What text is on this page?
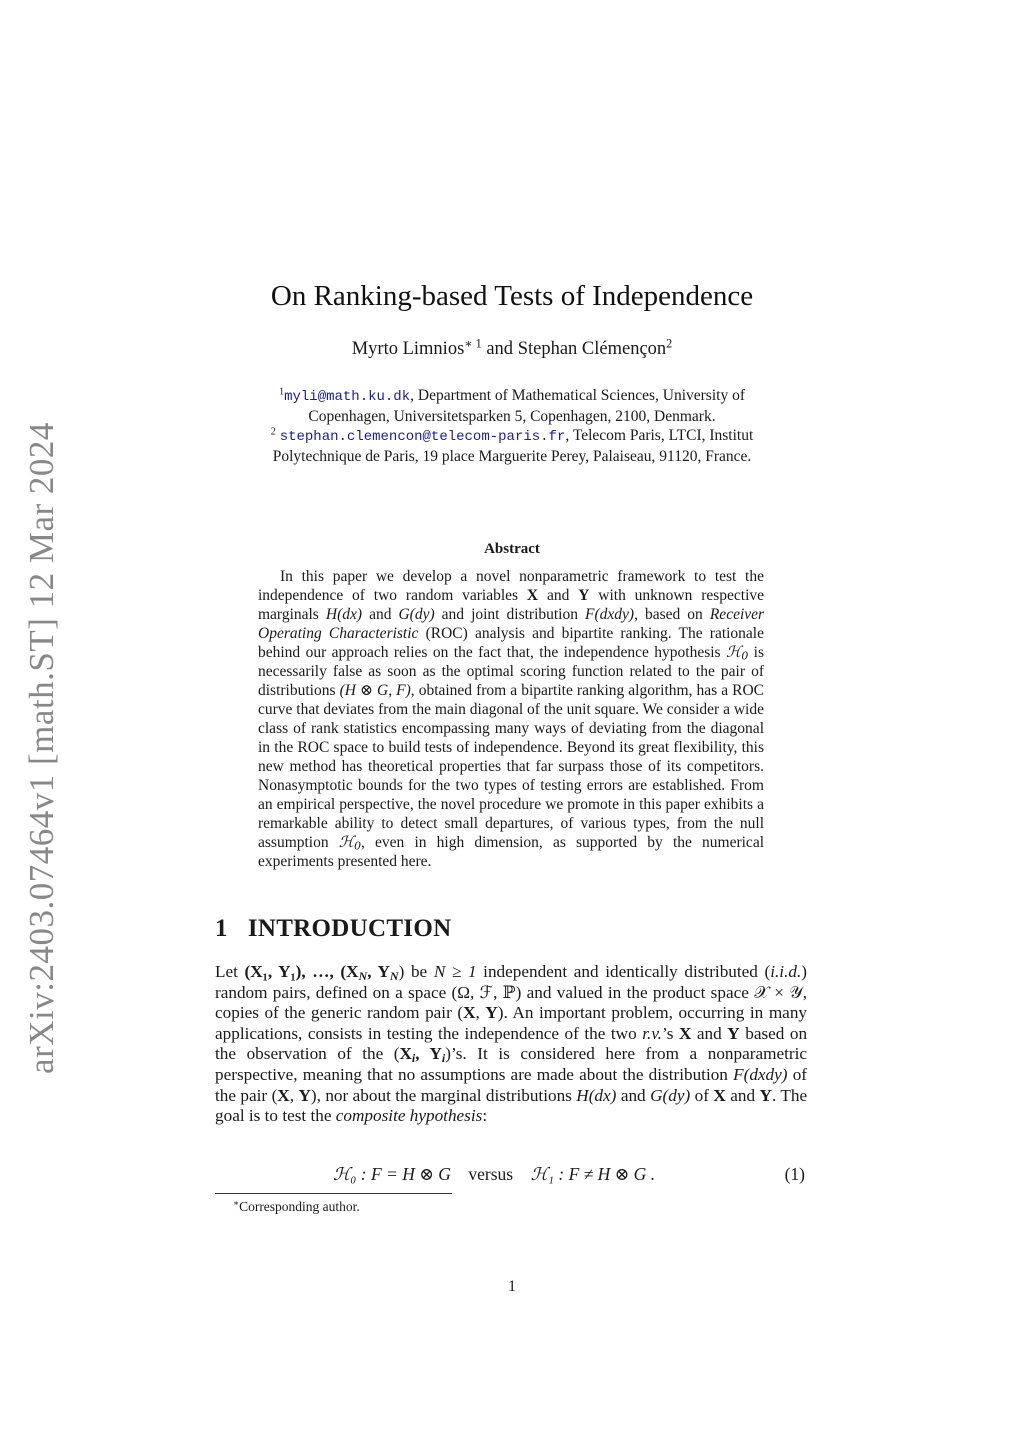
arXiv:2403.07464v1 [math.ST] 12 Mar 2024
On Ranking-based Tests of Independence
Myrto Limnios$^{∗ 1}$ and Stephan Clémençon$^2$
$^1$myli@math.ku.dk, Department of Mathematical Sciences, University of
Copenhagen, Universitetsparken 5, Copenhagen, 2100, Denmark.
$^2$ stephan.clemencon@telecom-paris.fr, Telecom Paris, LTCI, Institut
Polytechnique de Paris, 19 place Marguerite Perey, Palaiseau, 91120, France.
Abstract

In this paper we develop a novel nonparametric framework to test the independence of two random variables X and Y with unknown respective marginals H(dx) and G(dy) and joint distribution F(dxdy), based on Receiver Operating Characteristic (ROC) analysis and bipartite ranking. The rationale behind our approach relies on the fact that, the independence hypothesis ℋ$_0$ is necessarily false as soon as the optimal scoring function related to the pair of distributions (H ⊗ G, F), obtained from a bipartite ranking algorithm, has a ROC curve that deviates from the main diagonal of the unit square. We consider a wide class of rank statistics encompassing many ways of deviating from the diagonal in the ROC space to build tests of independence. Beyond its great flexibility, this new method has theoretical properties that far surpass those of its competitors. Nonasymptotic bounds for the two types of testing errors are established. From an empirical perspective, the novel procedure we promote in this paper exhibits a remarkable ability to detect small departures, of various types, from the null assumption ℋ$_0$, even in high dimension, as supported by the numerical experiments presented here.

1 INTRODUCTION

Let (X₁, Y₁), …, ($X_N$, $Y_N$) be N ≥ 1 independent and identically distributed (i.i.d.) random pairs, defined on a space (Ω, ℱ, ℙ) and valued in the product space 𝒳 × 𝒴, copies of the generic random pair (X, Y). An important problem, occurring in many applications, consists in testing the independence of the two r.v.’s X and Y based on the observation of the ($X_i$, $Y_i)’s$. It is considered here from a nonparametric perspective, meaning that no assumptions are made about the distribution F(dxdy) of the pair (X, Y), nor about the marginal distributions H(dx) and G(dy) of X and Y. The goal is to test the composite hypothesis:

ℋ₀ : F = H ⊗ G versus ℋ₁ : F ≠ H ⊗ G .	(1)
∗Corresponding author.
1
